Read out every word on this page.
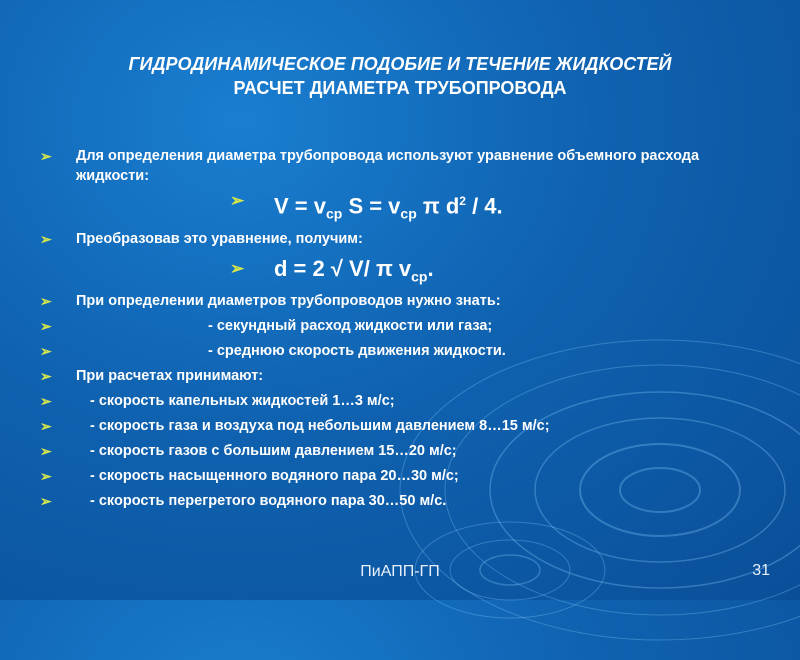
ГИДРОДИНАМИЧЕСКОЕ ПОДОБИЕ И ТЕЧЕНИЕ ЖИДКОСТЕЙ
РАСЧЕТ ДИАМЕТРА ТРУБОПРОВОДА
➢	Для определения диаметра трубопровода используют уравнение объемного расхода жидкости:
➢	$V = v_{ср}$ $S = v_{ср}$ π $d^2 / 4$.
➢	Преобразовав это уравнение, получим:
➢	d = 2 √ V/ π $v_{ср}$.
➢	При определении диаметров трубопроводов нужно знать:
➢	- секундный расход жидкости или газа;
➢	- среднюю скорость движения жидкости.
➢	При расчетах принимают:
➢	- скорость капельных жидкостей 1…3 м/с;
➢	- скорость газа и воздуха под небольшим давлением 8…15 м/с;
➢	- скорость газов с большим давлением 15…20 м/с;
➢	- скорость насыщенного водяного пара 20…30 м/с;
➢	- скорость перегретого водяного пара 30…50 м/с.
ПиАПП-ГП	31
